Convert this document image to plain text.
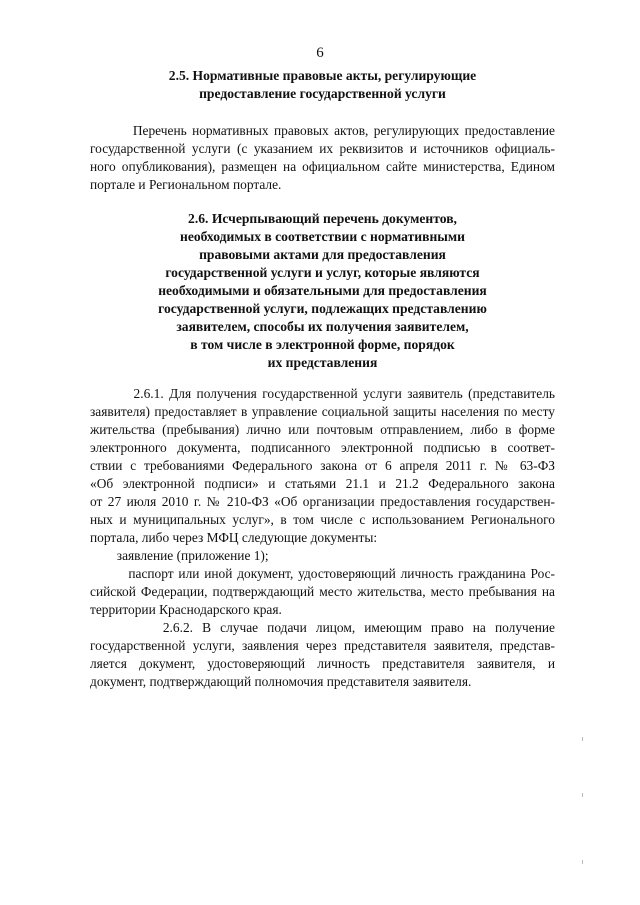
6
2.5. Нормативные правовые акты, регулирующие
предоставление государственной услуги
Перечень нормативных правовых актов, регулирующих предоставление
государственной услуги (с указанием их реквизитов и источников официаль-
ного опубликования), размещен на официальном сайте министерства, Едином
портале и Региональном портале.
2.6. Исчерпывающий перечень документов,
необходимых в соответствии с нормативными
правовыми актами для предоставления
государственной услуги и услуг, которые являются
необходимыми и обязательными для предоставления
государственной услуги, подлежащих представлению
заявителем, способы их получения заявителем,
в том числе в электронной форме, порядок
их представления
2.6.1. Для получения государственной услуги заявитель (представитель
заявителя) предоставляет в управление социальной защиты населения по месту
жительства (пребывания) лично или почтовым отправлением, либо в форме
электронного документа, подписанного электронной подписью в соответ-
ствии с требованиями Федерального закона от 6 апреля 2011 г. № 63-ФЗ
«Об электронной подписи» и статьями 21.1 и 21.2 Федерального закона
от 27 июля 2010 г. № 210-ФЗ «Об организации предоставления государствен-
ных и муниципальных услуг», в том числе с использованием Регионального
портала, либо через МФЦ следующие документы:
заявление (приложение 1);
паспорт или иной документ, удостоверяющий личность гражданина Рос-
сийской Федерации, подтверждающий место жительства, место пребывания на
территории Краснодарского края.
2.6.2. В случае подачи лицом, имеющим право на получение
государственной услуги, заявления через представителя заявителя, представ-
ляется документ, удостоверяющий личность представителя заявителя, и
документ, подтверждающий полномочия представителя заявителя.
